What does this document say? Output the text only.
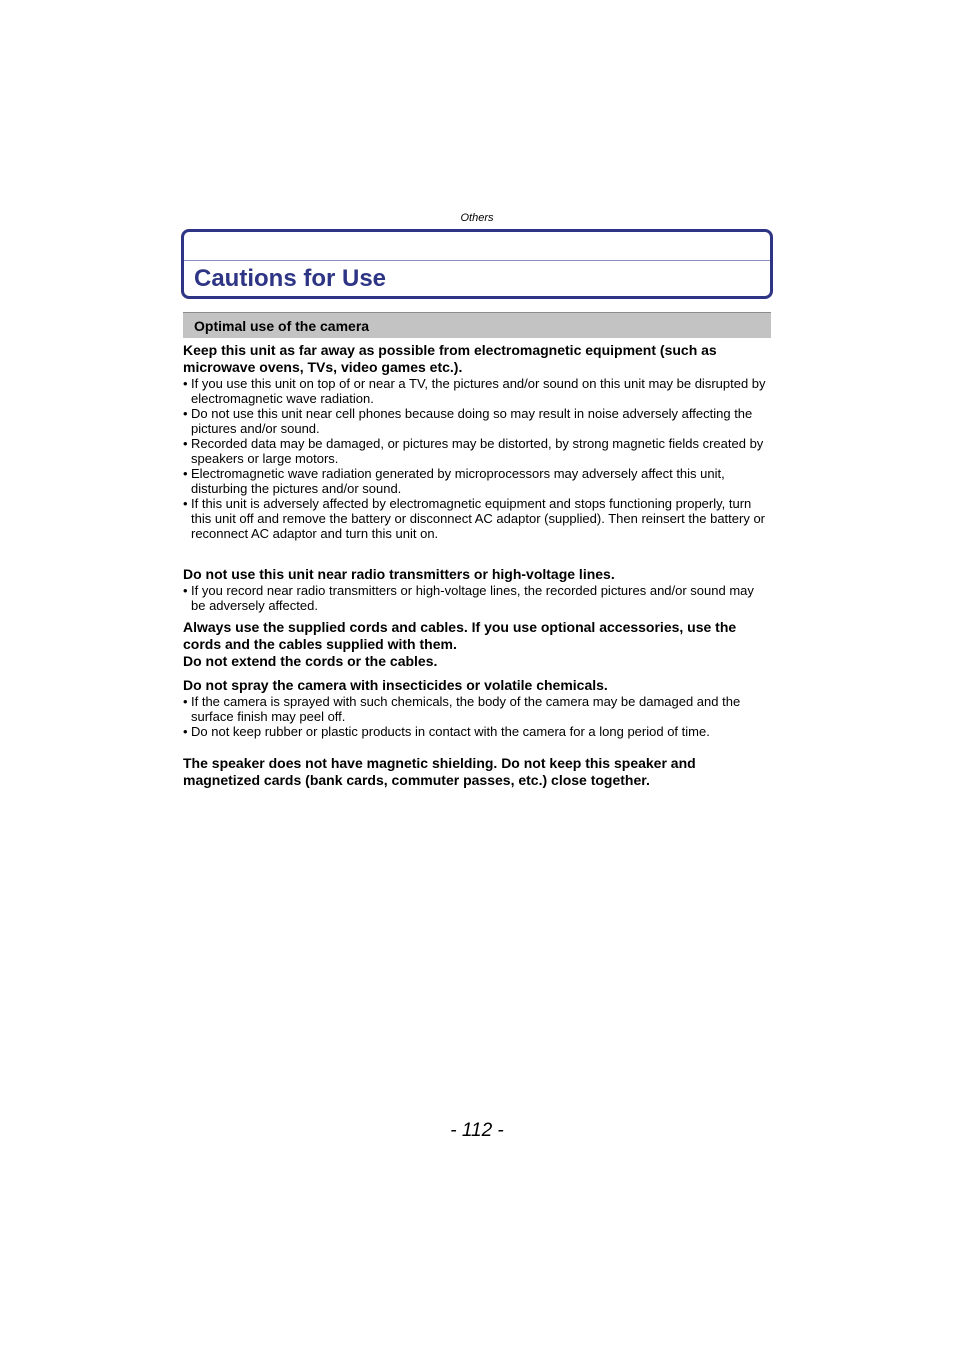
Others
Cautions for Use
Optimal use of the camera

Keep this unit as far away as possible from electromagnetic equipment (such as microwave ovens, TVs, video games etc.).

• If you use this unit on top of or near a TV, the pictures and/or sound on this unit may be disrupted by electromagnetic wave radiation.
• Do not use this unit near cell phones because doing so may result in noise adversely affecting the pictures and/or sound.
• Recorded data may be damaged, or pictures may be distorted, by strong magnetic fields created by speakers or large motors.
• Electromagnetic wave radiation generated by microprocessors may adversely affect this unit, disturbing the pictures and/or sound.
• If this unit is adversely affected by electromagnetic equipment and stops functioning properly, turn this unit off and remove the battery or disconnect AC adaptor (supplied). Then reinsert the battery or reconnect AC adaptor and turn this unit on.

Do not use this unit near radio transmitters or high-voltage lines.

• If you record near radio transmitters or high-voltage lines, the recorded pictures and/or sound may be adversely affected.

Always use the supplied cords and cables. If you use optional accessories, use the cords and the cables supplied with them.

Do not extend the cords or the cables.

Do not spray the camera with insecticides or volatile chemicals.

• If the camera is sprayed with such chemicals, the body of the camera may be damaged and the surface finish may peel off.
• Do not keep rubber or plastic products in contact with the camera for a long period of time.

The speaker does not have magnetic shielding. Do not keep this speaker and magnetized cards (bank cards, commuter passes, etc.) close together.

- 112 -
